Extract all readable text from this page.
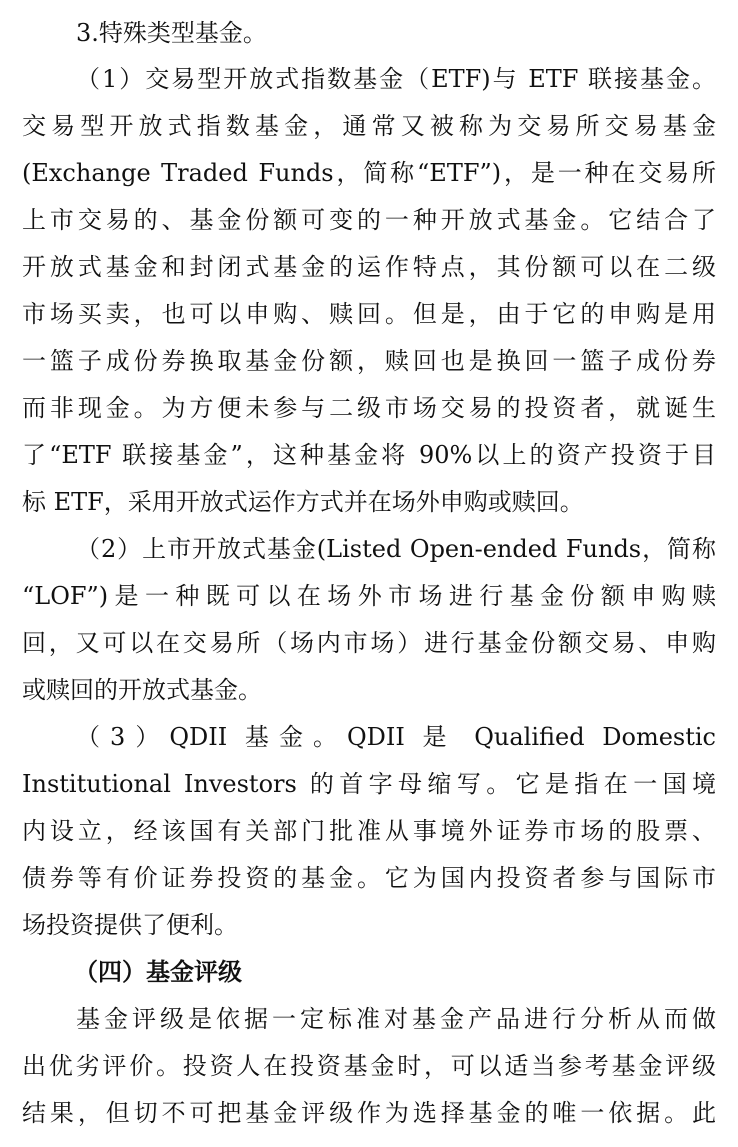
3.特殊类型基金。
（1）交易型开放式指数基金（ETF)与 ETF 联接基金。
交易型开放式指数基金，通常又被称为交易所交易基金
(Exchange Traded Funds，简称“ETF”)，是一种在交易所
上市交易的、基金份额可变的一种开放式基金。它结合了
开放式基金和封闭式基金的运作特点，其份额可以在二级
市场买卖，也可以申购、赎回。但是，由于它的申购是用
一篮子成份券换取基金份额，赎回也是换回一篮子成份券
而非现金。为方便未参与二级市场交易的投资者，就诞生
了“ETF 联接基金”，这种基金将 90%以上的资产投资于目
标 ETF，采用开放式运作方式并在场外申购或赎回。
（2）上市开放式基金(Listed Open-ended Funds，简称
“LOF”)是一种既可以在场外市场进行基金份额申购赎
回，又可以在交易所（场内市场）进行基金份额交易、申购
或赎回的开放式基金。
（3）QDII 基金。QDII 是 Qualified Domestic
Institutional Investors 的首字母缩写。它是指在一国境
内设立，经该国有关部门批准从事境外证券市场的股票、
债券等有价证券投资的基金。它为国内投资者参与国际市
场投资提供了便利。
（四）基金评级
基金评级是依据一定标准对基金产品进行分析从而做
出优劣评价。投资人在投资基金时，可以适当参考基金评级
结果，但切不可把基金评级作为选择基金的唯一依据。此
